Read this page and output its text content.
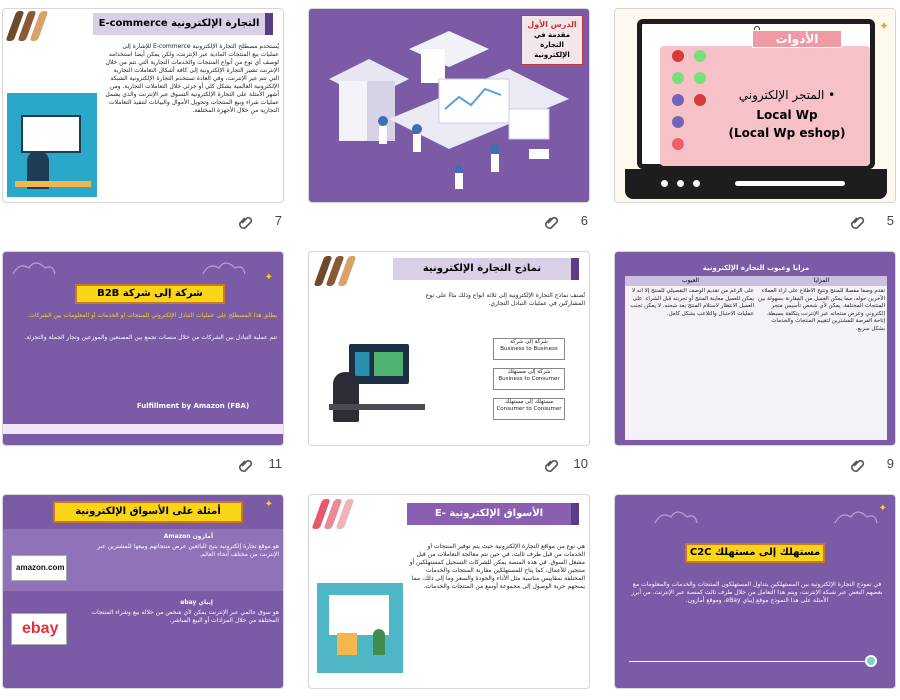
الأدوات
• المتجر الإلكتروني
Local Wp
(Local Wp eshop)
✦
5
الدرس الأول
مقدمة في التجارة الإلكترونية
6
التجارة الإلكترونية E-commerce
يُستخدم مصطلح التجارة الإلكترونية E-commerce للإشارة إلى عمليات بيع المنتجات المادية عبر الإنترنت، ولكن يمكن أيضا استخدامه لوصف أي نوع من أنواع المنتجات والخدمات التجارية التي تتم من خلال الإنترنت تشير التجارة الإلكترونية إلى كافة أشكال التعاملات التجارية التي تتم عبر الإنترنت، وفي العادة تستخدم التجارة الإلكترونية الشبكة الإلكترونية العالمية بشكل كلي أو جزئي خلال التعاملات التجارية. ومن أشهر الأمثلة على التجارة الإلكترونية التسوق عبر الإنترنت والذي يشمل عمليات شراء وبيع المنتجات وتحويل الأموال والبيانات لتنفيذ التعاملات التجارية من خلال الأجهزة المختلفة.
7
مزايا وعيوب التجارة الإلكترونية
المزايا
العيوب
تقدم وصفا مفصلا للمنتج وتتيح الاطلاع على آراء العملاء الآخرين حوله، مما يمكن العميل من المقارنة بسهولة بين المنتجات المختلفة. يمكن لأي شخص تأسيس متجر إلكتروني وعرض منتجاته عبر الإنترنت بتكلفة بسيطة. إتاحة الفرصة للمشترين لتقييم المنتجات والخدمات بشكل سريع.
على الرغم من تقديم الوصف التفصيلي للمنتج إلا أنه لا يمكن للعميل معاينة المنتج أو تجربته قبل الشراء. على العميل الانتظار لاستلام المنتج بعد شحنه. لا يمكن تجنب عمليات الاحتيال والتلاعب بشكل كامل.
9
نماذج التجارة الإلكترونية
تُصنف نماذج التجارة الإلكترونية إلى ثلاثة أنواع وذلك بناءً على نوع المشاركين في عمليات التبادل التجاري.
شركة إلى شركة
Business to Business
شركة إلى مستهلك
Business to Consumer
مستهلك إلى مستهلك
Consumer to Consumer
10
شركة إلى شركة B2B
يطلق هذا المصطلح على عمليات التبادل الإلكتروني للمنتجات أو الخدمات أو المعلومات بين الشركات.
تتم عملية التبادل بين الشركات من خلال منصات تجمع بين المصنعين والموزعين وتجار الجملة والتجزئة.
Fulfillment by Amazon (FBA)
✦
11
مستهلك إلى مستهلك C2C
في نموذج التجارة الإلكترونية بين المستهلكين يتداول المستهلكون المنتجات والخدمات والمعلومات مع بعضهم البعض عبر شبكة الإنترنت، ويتم هذا التعامل من خلال طرف ثالث كمنصة عبر الإنترنت. من أبرز الأمثلة على هذا النموذج موقع إيباي eBay، وموقع أمازون.
✦
الأسواق الإلكترونية E-marketplace
هي نوع من مواقع التجارة الإلكترونية حيث يتم توفير المنتجات أو الخدمات من قبل طرف ثالث، في حين تتم معالجة التعاملات من قبل مشغل السوق. في هذه المنصة يمكن للشركات التسجيل كمستهلكين أو منتجين للأعمال، كما يتاح للمستهلكين مقارنة المنتجات والخدمات المختلفة بمقاييس مناسبة مثل الأداء والجودة والسعر وما إلى ذلك، مما يمنحهم حرية الوصول إلى مجموعة أوسع من المنتجات والخدمات.
أمثلة على الأسواق الإلكترونية
أمازون Amazon
هو موقع تجارة إلكترونية يتيح للبائعين عرض منتجاتهم وبيعها للمشترين عبر الإنترنت من مختلف أنحاء العالم.
amazon.com
إيباي ebay
هو سوق عالمي عبر الإنترنت يمكن لأي شخص من خلاله بيع وشراء المنتجات المختلفة من خلال المزادات أو البيع المباشر.
ebay
✦
